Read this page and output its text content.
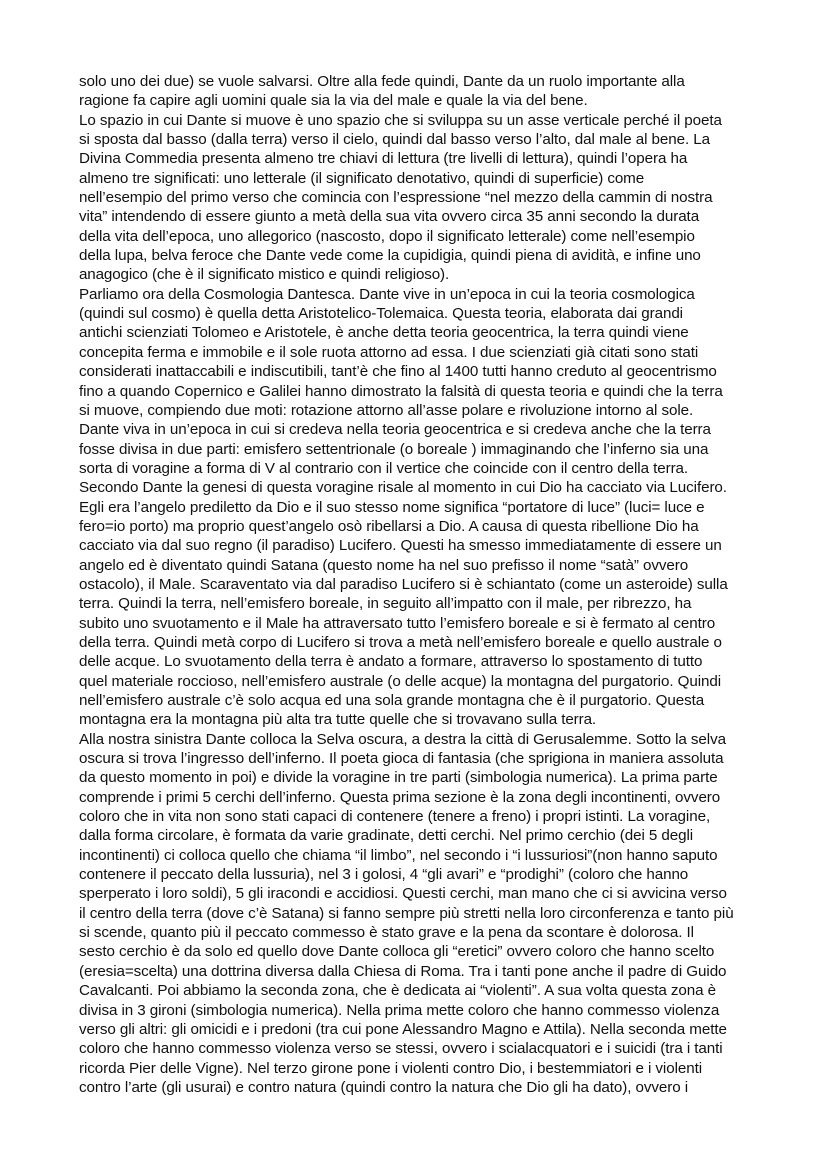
solo uno dei due) se vuole salvarsi. Oltre alla fede quindi, Dante da un ruolo importante alla
ragione fa capire agli uomini quale sia la via del male e quale la via del bene.
Lo spazio in cui Dante si muove è uno spazio che si sviluppa su un asse verticale perché il poeta
si sposta dal basso (dalla terra) verso il cielo, quindi dal basso verso l’alto, dal male al bene. La
Divina Commedia presenta almeno tre chiavi di lettura (tre livelli di lettura), quindi l’opera ha
almeno tre significati: uno letterale (il significato denotativo, quindi di superficie) come
nell’esempio del primo verso che comincia con l’espressione “nel mezzo della cammin di nostra
vita” intendendo di essere giunto a metà della sua vita ovvero circa 35 anni secondo la durata
della vita dell’epoca, uno allegorico (nascosto, dopo il significato letterale) come nell’esempio
della lupa, belva feroce che Dante vede come la cupidigia, quindi piena di avidità, e infine uno
anagogico (che è il significato mistico e quindi religioso).
Parliamo ora della Cosmologia Dantesca. Dante vive in un’epoca in cui la teoria cosmologica
(quindi sul cosmo) è quella detta Aristotelico-Tolemaica. Questa teoria, elaborata dai grandi
antichi scienziati Tolomeo e Aristotele, è anche detta teoria geocentrica, la terra quindi viene
concepita ferma e immobile e il sole ruota attorno ad essa. I due scienziati già citati sono stati
considerati inattaccabili e indiscutibili, tant’è che fino al 1400 tutti hanno creduto al geocentrismo
fino a quando Copernico e Galilei hanno dimostrato la falsità di questa teoria e quindi che la terra
si muove, compiendo due moti: rotazione attorno all’asse polare e rivoluzione intorno al sole.
Dante viva in un’epoca in cui si credeva nella teoria geocentrica e si credeva anche che la terra
fosse divisa in due parti: emisfero settentrionale (o boreale ) immaginando che l’inferno sia una
sorta di voragine a forma di V al contrario con il vertice che coincide con il centro della terra.
Secondo Dante la genesi di questa voragine risale al momento in cui Dio ha cacciato via Lucifero.
Egli era l’angelo prediletto da Dio e il suo stesso nome significa “portatore di luce” (luci= luce e
fero=io porto) ma proprio quest’angelo osò ribellarsi a Dio. A causa di questa ribellione Dio ha
cacciato via dal suo regno (il paradiso) Lucifero. Questi ha smesso immediatamente di essere un
angelo ed è diventato quindi Satana (questo nome ha nel suo prefisso il nome “satà” ovvero
ostacolo), il Male. Scaraventato via dal paradiso Lucifero si è schiantato (come un asteroide) sulla
terra. Quindi la terra, nell’emisfero boreale, in seguito all’impatto con il male, per ribrezzo, ha
subito uno svuotamento e il Male ha attraversato tutto l’emisfero boreale e si è fermato al centro
della terra. Quindi metà corpo di Lucifero si trova a metà nell’emisfero boreale e quello australe o
delle acque. Lo svuotamento della terra è andato a formare, attraverso lo spostamento di tutto
quel materiale roccioso, nell’emisfero australe (o delle acque) la montagna del purgatorio. Quindi
nell’emisfero australe c’è solo acqua ed una sola grande montagna che è il purgatorio. Questa
montagna era la montagna più alta tra tutte quelle che si trovavano sulla terra.
Alla nostra sinistra Dante colloca la Selva oscura, a destra la città di Gerusalemme. Sotto la selva
oscura si trova l’ingresso dell’inferno. Il poeta gioca di fantasia (che sprigiona in maniera assoluta
da questo momento in poi) e divide la voragine in tre parti (simbologia numerica). La prima parte
comprende i primi 5 cerchi dell’inferno. Questa prima sezione è la zona degli incontinenti, ovvero
coloro che in vita non sono stati capaci di contenere (tenere a freno) i propri istinti. La voragine,
dalla forma circolare, è formata da varie gradinate, detti cerchi. Nel primo cerchio (dei 5 degli
incontinenti) ci colloca quello che chiama “il limbo”, nel secondo i “i lussuriosi”(non hanno saputo
contenere il peccato della lussuria), nel 3 i golosi, 4 “gli avari” e “prodighi” (coloro che hanno
sperperato i loro soldi), 5 gli iracondi e accidiosi. Questi cerchi, man mano che ci si avvicina verso
il centro della terra (dove c’è Satana) si fanno sempre più stretti nella loro circonferenza e tanto più
si scende, quanto più il peccato commesso è stato grave e la pena da scontare è dolorosa. Il
sesto cerchio è da solo ed quello dove Dante colloca gli “eretici” ovvero coloro che hanno scelto
(eresia=scelta) una dottrina diversa dalla Chiesa di Roma. Tra i tanti pone anche il padre di Guido
Cavalcanti. Poi abbiamo la seconda zona, che è dedicata ai “violenti”. A sua volta questa zona è
divisa in 3 gironi (simbologia numerica). Nella prima mette coloro che hanno commesso violenza
verso gli altri: gli omicidi e i predoni (tra cui pone Alessandro Magno e Attila). Nella seconda mette
coloro che hanno commesso violenza verso se stessi, ovvero i scialacquatori e i suicidi (tra i tanti
ricorda Pier delle Vigne). Nel terzo girone pone i violenti contro Dio, i bestemmiatori e i violenti
contro l’arte (gli usurai) e contro natura (quindi contro la natura che Dio gli ha dato), ovvero i
